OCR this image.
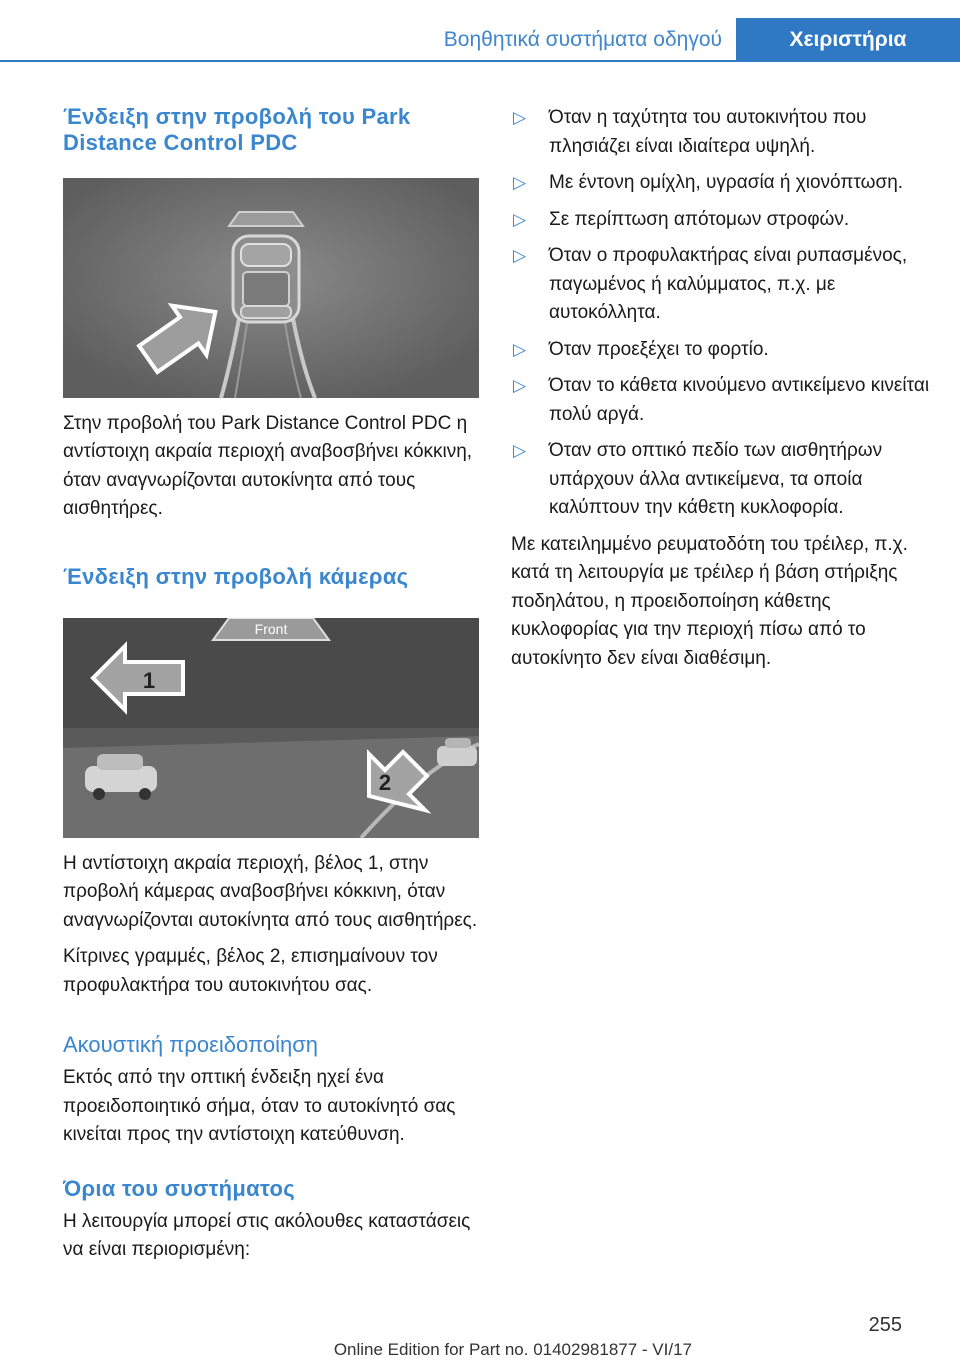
Βοηθητικά συστήματα οδηγού	Χειριστήρια
Ένδειξη στην προβολή του Park Distance Control PDC

Στην προβολή του Park Distance Control PDC η αντίστοιχη ακραία περιοχή αναβοσβήνει κόκκινη, όταν αναγνωρίζονται αυτοκίνητα από τους αισθητήρες.

Ένδειξη στην προβολή κάμερας
Front
1
2

Η αντίστοιχη ακραία περιοχή, βέλος 1, στην προβολή κάμερας αναβοσβήνει κόκκινη, όταν αναγνωρίζονται αυτοκίνητα από τους αισθητήρες.

Κίτρινες γραμμές, βέλος 2, επισημαίνουν τον προφυλακτήρα του αυτοκινήτου σας.

Ακουστική προειδοποίηση

Εκτός από την οπτική ένδειξη ηχεί ένα προειδοποιητικό σήμα, όταν το αυτοκίνητό σας κινείται προς την αντίστοιχη κατεύθυνση.

Όρια του συστήματος

Η λειτουργία μπορεί στις ακόλουθες καταστάσεις να είναι περιορισμένη:

▷ Όταν η ταχύτητα του αυτοκινήτου που πλησιάζει είναι ιδιαίτερα υψηλή.
▷ Με έντονη ομίχλη, υγρασία ή χιονόπτωση.
▷ Σε περίπτωση απότομων στροφών.
▷ Όταν ο προφυλακτήρας είναι ρυπασμένος, παγωμένος ή καλύμματος, π.χ. με αυτοκόλλητα.
▷ Όταν προεξέχει το φορτίο.
▷ Όταν το κάθετα κινούμενο αντικείμενο κινείται πολύ αργά.
▷ Όταν στο οπτικό πεδίο των αισθητήρων υπάρχουν άλλα αντικείμενα, τα οποία καλύπτουν την κάθετη κυκλοφορία.

Με κατειλημμένο ρευματοδότη του τρέιλερ, π.χ. κατά τη λειτουργία με τρέιλερ ή βάση στήριξης ποδηλάτου, η προειδοποίηση κάθετης κυκλοφορίας για την περιοχή πίσω από το αυτοκίνητο δεν είναι διαθέσιμη.

255
Online Edition for Part no. 01402981877 - VI/17
